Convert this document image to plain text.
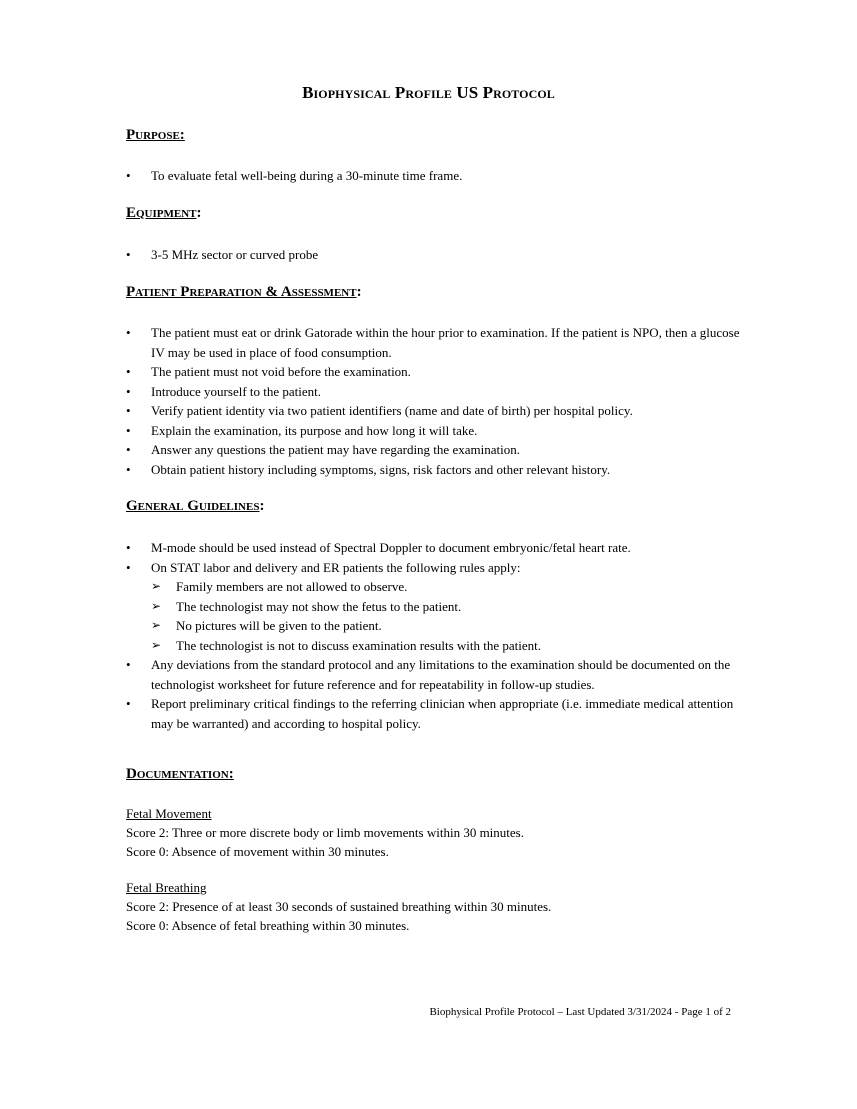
Biophysical Profile US Protocol
Purpose:
• To evaluate fetal well-being during a 30-minute time frame.
Equipment:
• 3-5 MHz sector or curved probe
Patient Preparation & Assessment:
• The patient must eat or drink Gatorade within the hour prior to examination. If the patient is NPO, then a glucose IV may be used in place of food consumption.
• The patient must not void before the examination.
• Introduce yourself to the patient.
• Verify patient identity via two patient identifiers (name and date of birth) per hospital policy.
• Explain the examination, its purpose and how long it will take.
• Answer any questions the patient may have regarding the examination.
• Obtain patient history including symptoms, signs, risk factors and other relevant history.
General Guidelines:
• M-mode should be used instead of Spectral Doppler to document embryonic/fetal heart rate.
• On STAT labor and delivery and ER patients the following rules apply:
➢ Family members are not allowed to observe.
➢ The technologist may not show the fetus to the patient.
➢ No pictures will be given to the patient.
➢ The technologist is not to discuss examination results with the patient.
• Any deviations from the standard protocol and any limitations to the examination should be documented on the technologist worksheet for future reference and for repeatability in follow-up studies.
• Report preliminary critical findings to the referring clinician when appropriate (i.e. immediate medical attention may be warranted) and according to hospital policy.
Documentation:
Fetal Movement
Score 2: Three or more discrete body or limb movements within 30 minutes.
Score 0: Absence of movement within 30 minutes.
Fetal Breathing
Score 2: Presence of at least 30 seconds of sustained breathing within 30 minutes.
Score 0: Absence of fetal breathing within 30 minutes.
Biophysical Profile Protocol – Last Updated 3/31/2024 - Page 1 of 2
